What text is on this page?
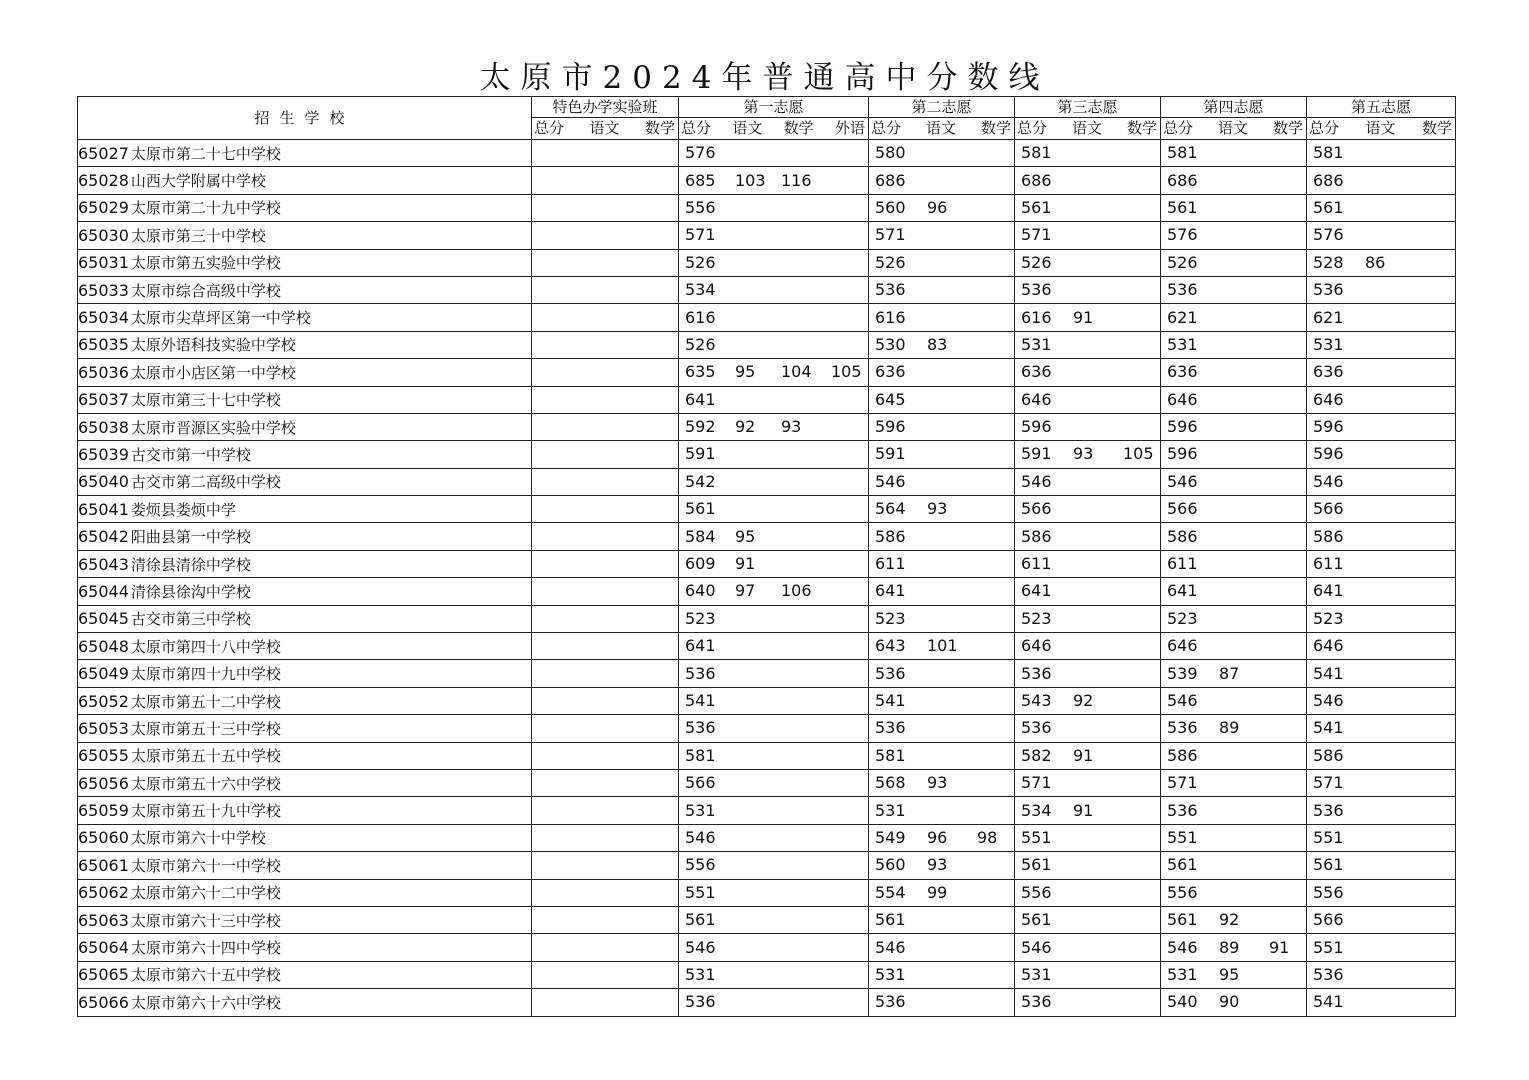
太原市2024年普通高中分数线
招生学校	特色办学实验班	第一志愿	第二志愿	第三志愿	第四志愿	第五志愿

	总分 语文 数学	总分 语文 数学 外语	总分 语文 数学	总分 语文 数学	总分 语文 数学	总分 语文 数学

65027 太原市第二十七中学校		576	580	581	581	581

65028 山西大学附属中学校		685 103 116	686	686	686	686

65029 太原市第二十九中学校		556	560 96	561	561	561

65030 太原市第三十中学校		571	571	571	576	576

65031 太原市第五实验中学校		526	526	526	526	528 86

65033 太原市综合高级中学校		534	536	536	536	536

65034 太原市尖草坪区第一中学校		616	616	616 91	621	621

65035 太原外语科技实验中学校		526	530 83	531	531	531

65036 太原市小店区第一中学校		635 95 104 105	636	636	636	636

65037 太原市第三十七中学校		641	645	646	646	646

65038 太原市晋源区实验中学校		592 92 93	596	596	596	596

65039 古交市第一中学校		591	591	591 93 105	596	596

65040 古交市第二高级中学校		542	546	546	546	546

65041 娄烦县娄烦中学		561	564 93	566	566	566

65042 阳曲县第一中学校		584 95	586	586	586	586

65043 清徐县清徐中学校		609 91	611	611	611	611

65044 清徐县徐沟中学校		640 97 106	641	641	641	641

65045 古交市第三中学校		523	523	523	523	523

65048 太原市第四十八中学校		641	643 101	646	646	646

65049 太原市第四十九中学校		536	536	536	539 87	541

65052 太原市第五十二中学校		541	541	543 92	546	546

65053 太原市第五十三中学校		536	536	536	536 89	541

65055 太原市第五十五中学校		581	581	582 91	586	586

65056 太原市第五十六中学校		566	568 93	571	571	571

65059 太原市第五十九中学校		531	531	534 91	536	536

65060 太原市第六十中学校		546	549 96 98	551	551	551

65061 太原市第六十一中学校		556	560 93	561	561	561

65062 太原市第六十二中学校		551	554 99	556	556	556

65063 太原市第六十三中学校		561	561	561	561 92	566

65064 太原市第六十四中学校		546	546	546	546 89 91	551

65065 太原市第六十五中学校		531	531	531	531 95	536

65066 太原市第六十六中学校		536	536	536	540 90	541
